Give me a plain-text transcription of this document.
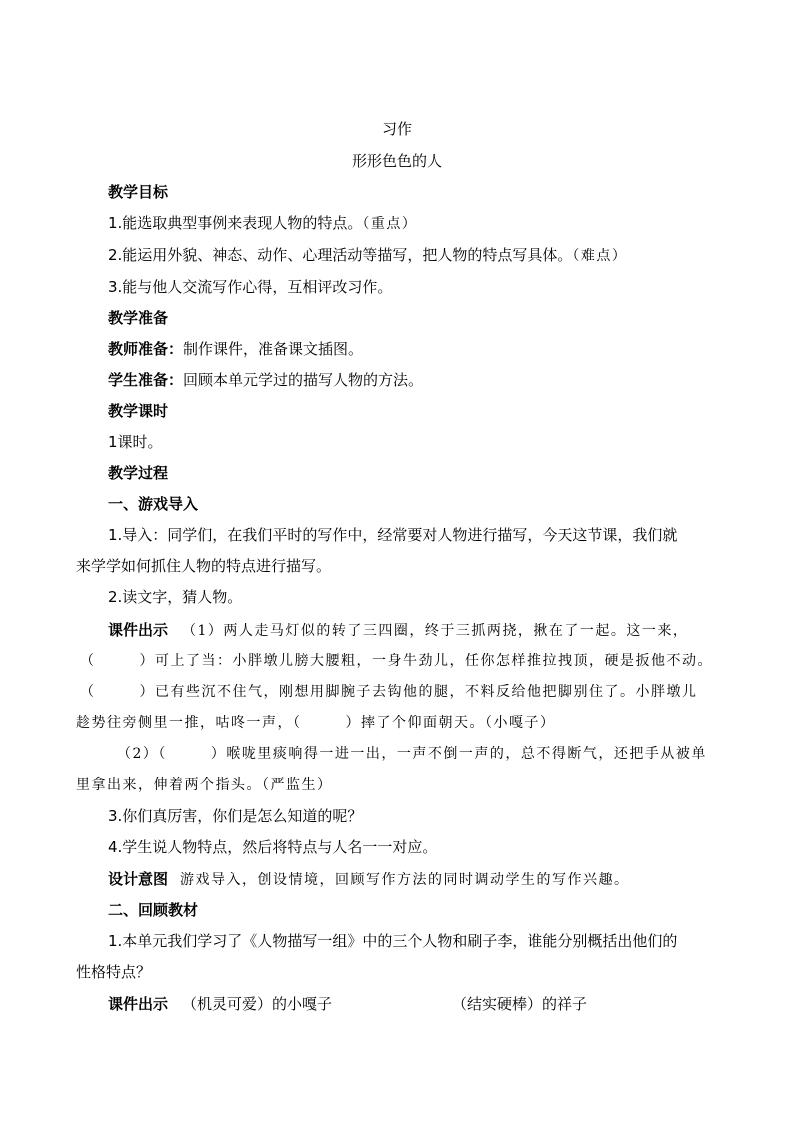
习作
形形色色的人
教学目标
1.能选取典型事例来表现人物的特点。（重点）
2.能运用外貌、神态、动作、心理活动等描写，把人物的特点写具体。（难点）
3.能与他人交流写作心得，互相评改习作。
教学准备
教师准备：制作课件，准备课文插图。
学生准备：回顾本单元学过的描写人物的方法。
教学课时
1课时。
教学过程
一、游戏导入
1.导入：同学们，在我们平时的写作中，经常要对人物进行描写，今天这节课，我们就
来学学如何抓住人物的特点进行描写。
2.读文字，猜人物。
课件出示 （1）两人走马灯似的转了三四圈，终于三抓两挠，揪在了一起。这一来，
（	）可上了当：小胖墩儿膀大腰粗，一身牛劲儿，任你怎样推拉拽顶，硬是扳他不动。
（	）已有些沉不住气，刚想用脚腕子去钩他的腿，不料反给他把脚别住了。小胖墩儿
趁势往旁侧里一推，咕咚一声，（	）摔了个仰面朝天。（小嘎子）
（2）（	）喉咙里痰响得一进一出，一声不倒一声的，总不得断气，还把手从被单
里拿出来，伸着两个指头。（严监生）
3.你们真厉害，你们是怎么知道的呢？
4.学生说人物特点，然后将特点与人名一一对应。
设计意图 游戏导入，创设情境，回顾写作方法的同时调动学生的写作兴趣。
二、回顾教材
1.本单元我们学习了《人物描写一组》中的三个人物和刷子李，谁能分别概括出他们的
性格特点？
课件出示 （机灵可爱）的小嘎子	（结实硬棒）的祥子
